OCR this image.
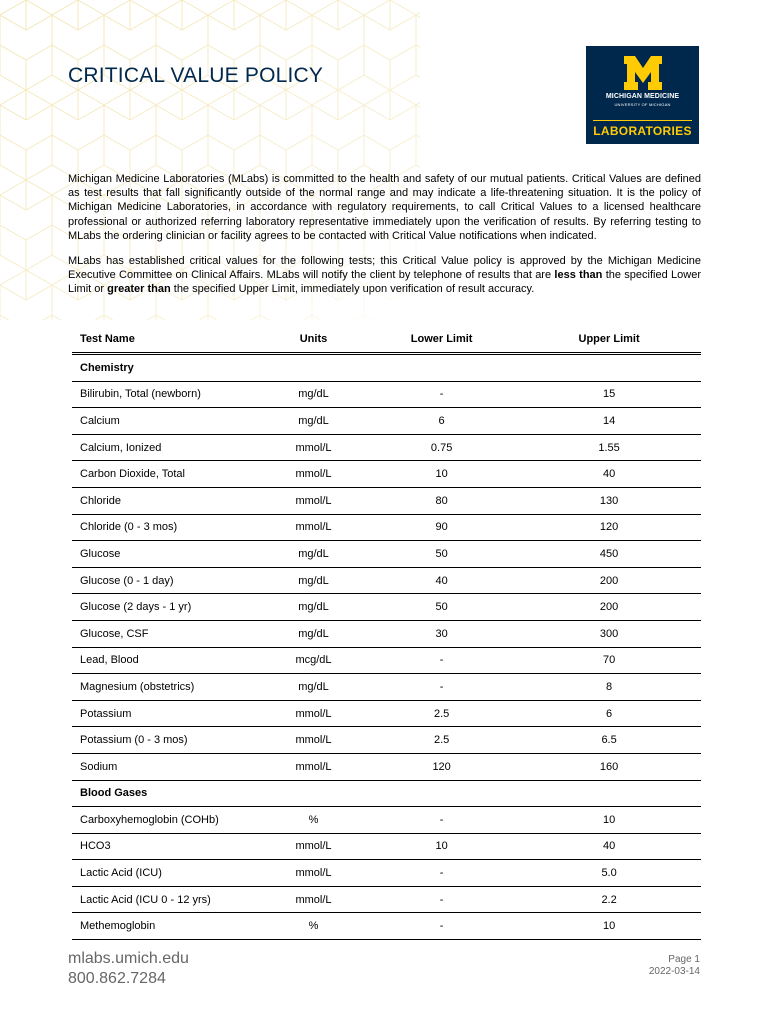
CRITICAL VALUE POLICY
MICHIGAN MEDICINE
UNIVERSITY OF MICHIGAN
LABORATORIES

Michigan Medicine Laboratories (MLabs) is committed to the health and safety of our mutual patients. Critical Values are defined as test results that fall significantly outside of the normal range and may indicate a life-threatening situation. It is the policy of Michigan Medicine Laboratories, in accordance with regulatory requirements, to call Critical Values to a licensed healthcare professional or authorized referring laboratory representative immediately upon the verification of results. By referring testing to MLabs the ordering clinician or facility agrees to be contacted with Critical Value notifications when indicated.

MLabs has established critical values for the following tests; this Critical Value policy is approved by the Michigan Medicine Executive Committee on Clinical Affairs. MLabs will notify the client by telephone of results that are less than the specified Lower Limit or greater than the specified Upper Limit, immediately upon verification of result accuracy.

Test Name	Units	Lower Limit	Upper Limit
Chemistry			
Bilirubin, Total (newborn)	mg/dL	-	15
Calcium	mg/dL	6	14
Calcium, Ionized	mmol/L	0.75	1.55
Carbon Dioxide, Total	mmol/L	10	40
Chloride	mmol/L	80	130
Chloride (0 - 3 mos)	mmol/L	90	120
Glucose	mg/dL	50	450
Glucose (0 - 1 day)	mg/dL	40	200
Glucose (2 days - 1 yr)	mg/dL	50	200
Glucose, CSF	mg/dL	30	300
Lead, Blood	mcg/dL	-	70
Magnesium (obstetrics)	mg/dL	-	8
Potassium	mmol/L	2.5	6
Potassium (0 - 3 mos)	mmol/L	2.5	6.5
Sodium	mmol/L	120	160
Blood Gases			
Carboxyhemoglobin (COHb)	%	-	10
HCO3	mmol/L	10	40
Lactic Acid (ICU)	mmol/L	-	5.0
Lactic Acid (ICU 0 - 12 yrs)	mmol/L	-	2.2
Methemoglobin	%	-	10
mlabs.umich.edu
800.862.7284
Page 1
2022-03-14
